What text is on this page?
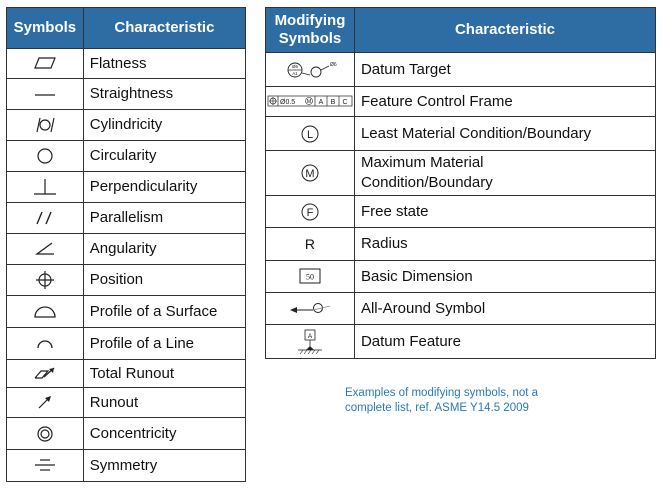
Symbols	Characteristic
	Flatness
	Straightness
	Cylindricity
	Circularity
	Perpendicularity
	Parallelism
	Angularity
	Position
	Profile of a Surface
	Profile of a Line
	Total Runout
	Runout
	Concentricity
	Symmetry
Modifying Symbols	Characteristic

Ø6
A1
Ø6	Datum Target

Ø0.5 M A B C	Feature Control Frame

L	Least Material Condition/Boundary

M	Maximum Material Condition/Boundary

F	Free state
R	Radius

50	Basic Dimension
	All-Around Symbol

A	Datum Feature
Examples of modifying symbols, not a complete list, ref. ASME Y14.5 2009
